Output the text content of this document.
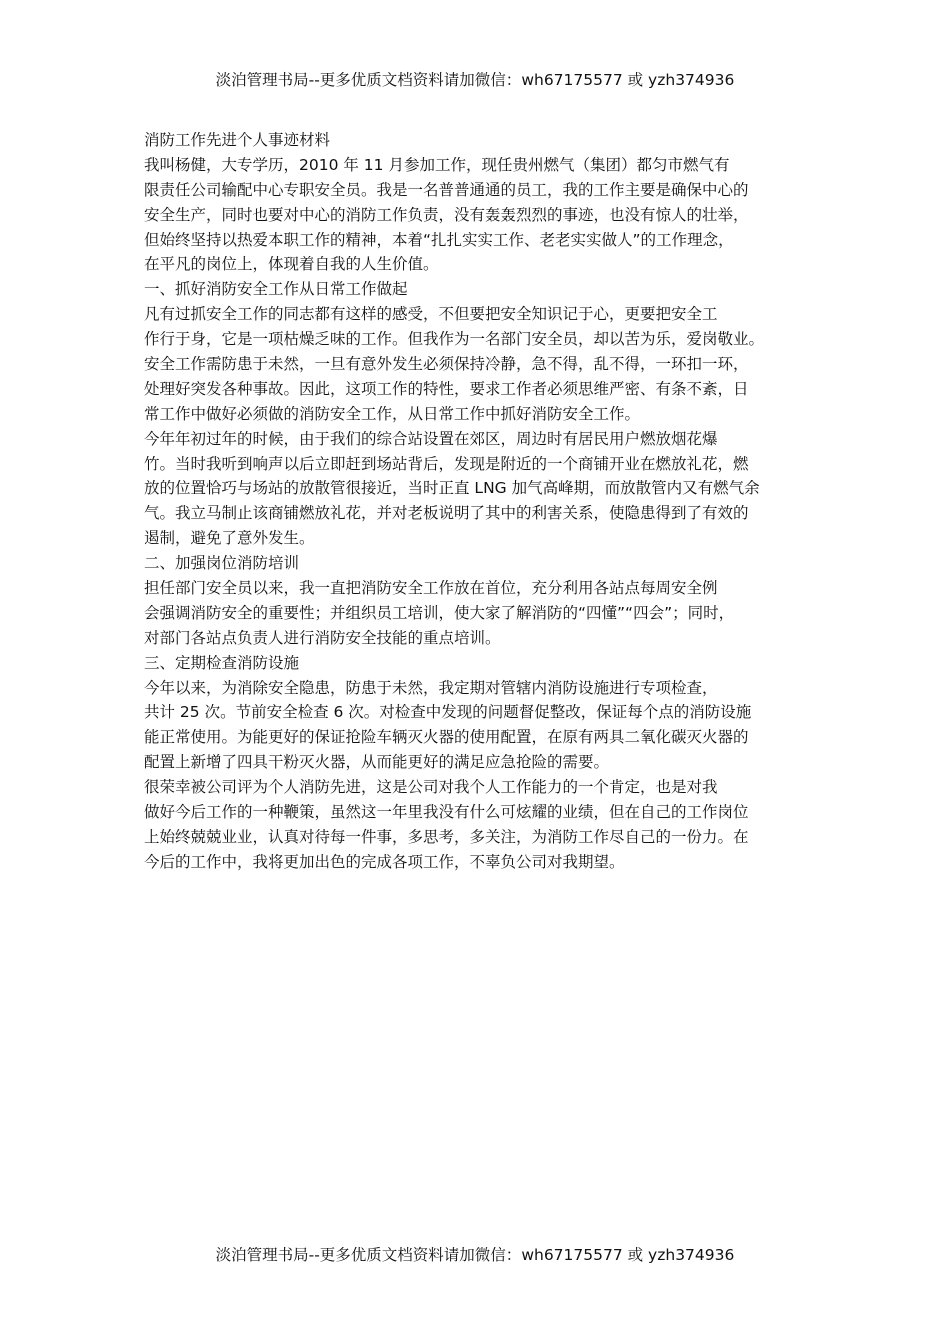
淡泊管理书局--更多优质文档资料请加微信：wh67175577 或 yzh374936
消防工作先进个人事迹材料
我叫杨健，大专学历，2010 年 11 月参加工作，现任贵州燃气（集团）都匀市燃气有
限责任公司输配中心专职安全员。我是一名普普通通的员工，我的工作主要是确保中心的
安全生产，同时也要对中心的消防工作负责，没有轰轰烈烈的事迹，也没有惊人的壮举，
但始终坚持以热爱本职工作的精神，本着“扎扎实实工作、老老实实做人”的工作理念，
在平凡的岗位上，体现着自我的人生价值。
一、抓好消防安全工作从日常工作做起
凡有过抓安全工作的同志都有这样的感受，不但要把安全知识记于心，更要把安全工
作行于身，它是一项枯燥乏味的工作。但我作为一名部门安全员，却以苦为乐，爱岗敬业。
安全工作需防患于未然，一旦有意外发生必须保持冷静，急不得，乱不得，一环扣一环，
处理好突发各种事故。因此，这项工作的特性，要求工作者必须思维严密、有条不紊，日
常工作中做好必须做的消防安全工作，从日常工作中抓好消防安全工作。
今年年初过年的时候，由于我们的综合站设置在郊区，周边时有居民用户燃放烟花爆
竹。当时我听到响声以后立即赶到场站背后，发现是附近的一个商铺开业在燃放礼花，燃
放的位置恰巧与场站的放散管很接近，当时正直 LNG 加气高峰期，而放散管内又有燃气余
气。我立马制止该商铺燃放礼花，并对老板说明了其中的利害关系，使隐患得到了有效的
遏制，避免了意外发生。
二、加强岗位消防培训
担任部门安全员以来，我一直把消防安全工作放在首位，充分利用各站点每周安全例
会强调消防安全的重要性；并组织员工培训，使大家了解消防的“四懂”“四会”；同时，
对部门各站点负责人进行消防安全技能的重点培训。
三、定期检查消防设施
今年以来，为消除安全隐患，防患于未然，我定期对管辖内消防设施进行专项检查，
共计 25 次。节前安全检查 6 次。对检查中发现的问题督促整改，保证每个点的消防设施
能正常使用。为能更好的保证抢险车辆灭火器的使用配置，在原有两具二氧化碳灭火器的
配置上新增了四具干粉灭火器，从而能更好的满足应急抢险的需要。
很荣幸被公司评为个人消防先进，这是公司对我个人工作能力的一个肯定，也是对我
做好今后工作的一种鞭策，虽然这一年里我没有什么可炫耀的业绩，但在自己的工作岗位
上始终兢兢业业，认真对待每一件事，多思考，多关注，为消防工作尽自己的一份力。在
今后的工作中，我将更加出色的完成各项工作，不辜负公司对我期望。
淡泊管理书局--更多优质文档资料请加微信：wh67175577 或 yzh374936
